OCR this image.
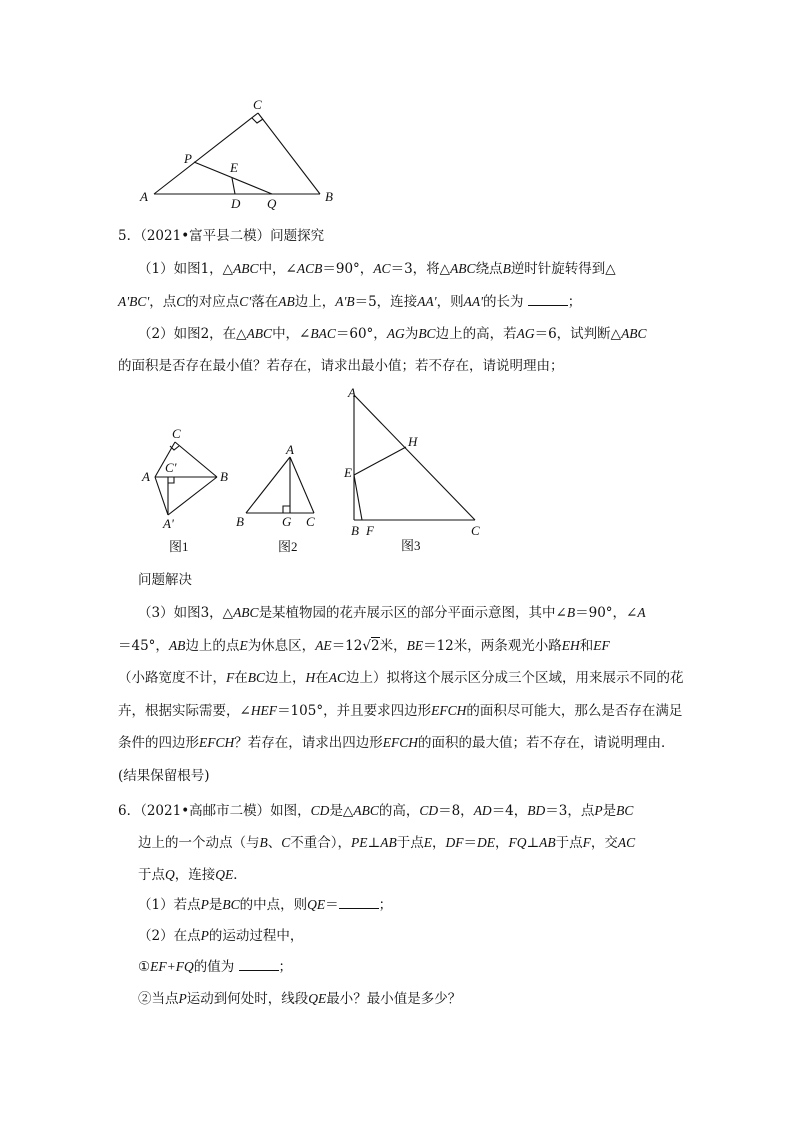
C
P
E
A	D Q	B
5．（2021•富平县二模）问题探究
（1）如图1，△ABC中，∠ACB＝90°，AC＝3，将△ABC绕点B逆时针旋转得到△
A'BC'，点C的对应点C'落在AB边上，A'B＝5，连接AA'，则AA'的长为	；
（2）如图2，在△ABC中，∠BAC＝60°，AG为BC边上的高，若AG＝6，试判断△ABC
的面积是否存在最小值？若存在，请求出最小值；若不存在，请说明理由；
C
C'
A	B
A'
图1
A
B	G C
图2
A
H
E
B F	C
图3
问题解决
（3）如图3，△ABC是某植物园的花卉展示区的部分平面示意图，其中∠B＝90°，∠A
＝45°，AB边上的点E为休息区，AE＝12√2米，BE＝12米，两条观光小路EH和EF
（小路宽度不计，F在BC边上，H在AC边上）拟将这个展示区分成三个区域，用来展示不同的花卉，根据实际需要，∠HEF＝105°，并且要求四边形EFCH的面积尽可能大，那么是否存在满足条件的四边形EFCH？若存在，请求出四边形EFCH的面积的最大值；若不存在，请说明理由．(结果保留根号)
6．（2021•高邮市二模）如图，CD是△ABC的高，CD＝8，AD＝4，BD＝3，点P是BC
边上的一个动点（与B、C不重合），PE⊥AB于点E，DF＝DE，FQ⊥AB于点F，交AC
于点Q，连接QE．
（1）若点P是BC的中点，则QE＝	；
（2）在点P的运动过程中，
①EF+FQ的值为	；
②当点P运动到何处时，线段QE最小？最小值是多少？
